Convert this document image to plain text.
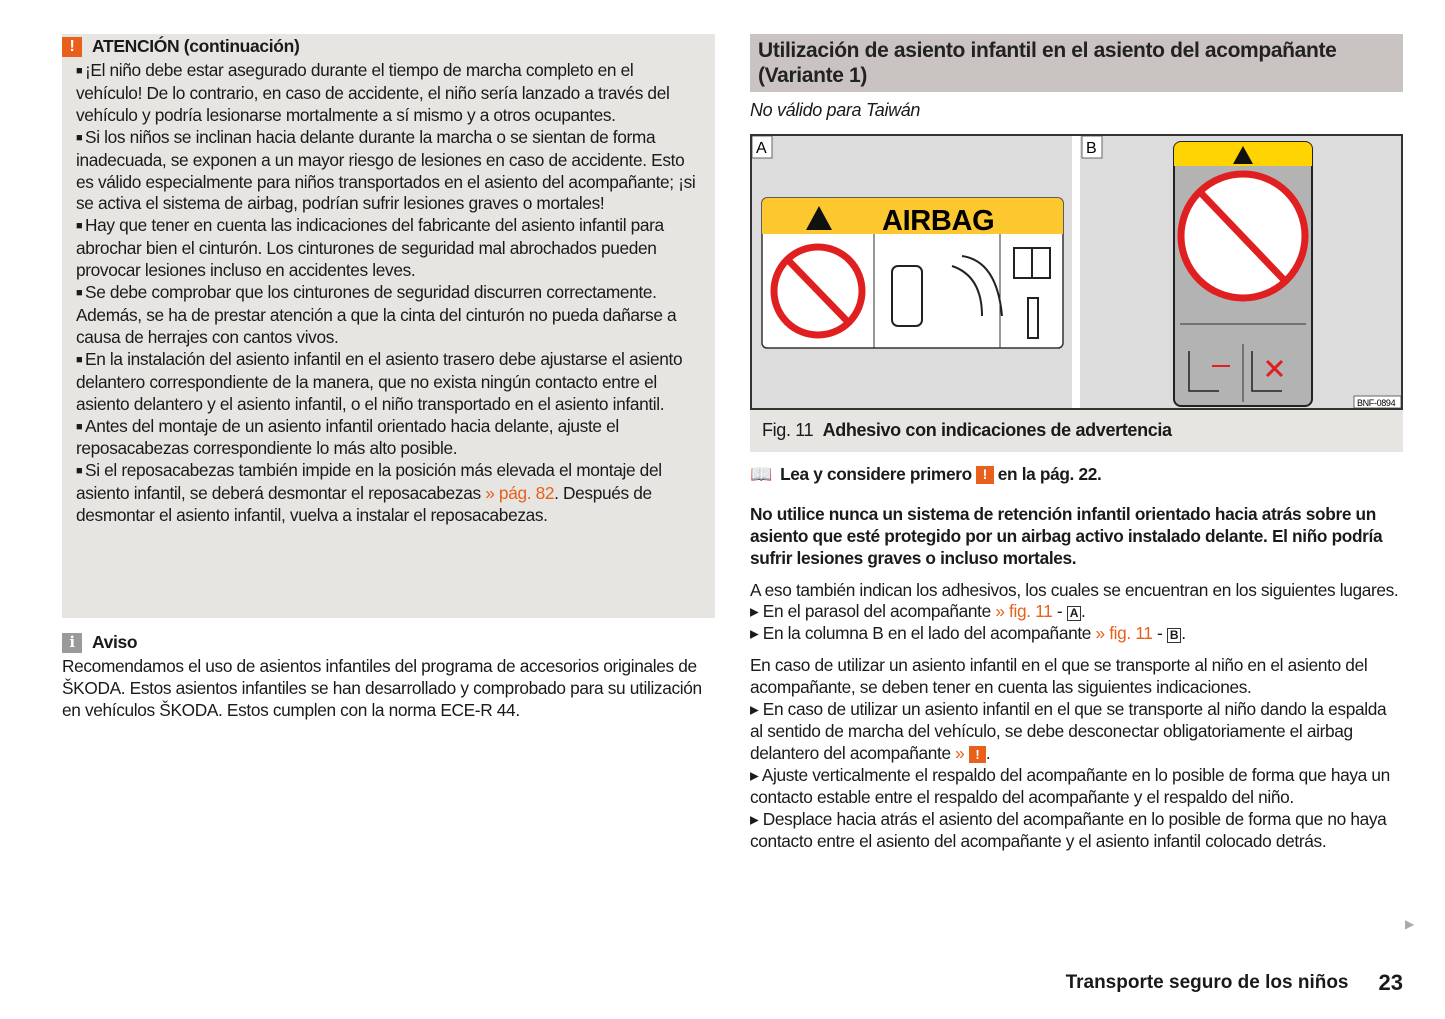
!	ATENCIÓN (continuación)
■ ¡El niño debe estar asegurado durante el tiempo de marcha completo en el vehículo! De lo contrario, en caso de accidente, el niño sería lanzado a través del vehículo y podría lesionarse mortalmente a sí mismo y a otros ocupantes.
■ Si los niños se inclinan hacia delante durante la marcha o se sientan de forma inadecuada, se exponen a un mayor riesgo de lesiones en caso de accidente. Esto es válido especialmente para niños transportados en el asiento del acompañante; ¡si se activa el sistema de airbag, podrían sufrir lesiones graves o mortales!
■ Hay que tener en cuenta las indicaciones del fabricante del asiento infantil para abrochar bien el cinturón. Los cinturones de seguridad mal abrochados pueden provocar lesiones incluso en accidentes leves.
■ Se debe comprobar que los cinturones de seguridad discurren correctamente. Además, se ha de prestar atención a que la cinta del cinturón no pueda dañarse a causa de herrajes con cantos vivos.
■ En la instalación del asiento infantil en el asiento trasero debe ajustarse el asiento delantero correspondiente de la manera, que no exista ningún contacto entre el asiento delantero y el asiento infantil, o el niño transportado en el asiento infantil.
■ Antes del montaje de un asiento infantil orientado hacia delante, ajuste el reposacabezas correspondiente lo más alto posible.
■ Si el reposacabezas también impide en la posición más elevada el montaje del asiento infantil, se deberá desmontar el reposacabezas » pág. 82. Después de desmontar el asiento infantil, vuelva a instalar el reposacabezas.
i Aviso
Recomendamos el uso de asientos infantiles del programa de accesorios originales de ŠKODA. Estos asientos infantiles se han desarrollado y comprobado para su utilización en vehículos ŠKODA. Estos cumplen con la norma ECE-R 44.
Utilización de asiento infantil en el asiento del acompañante (Variante 1)
No válido para Taiwán
A	B
AIRBAG
BNF-0894
Fig. 11 Adhesivo con indicaciones de advertencia
📖 Lea y considere primero ! en la pág. 22.
No utilice nunca un sistema de retención infantil orientado hacia atrás sobre un asiento que esté protegido por un airbag activo instalado delante. El niño podría sufrir lesiones graves o incluso mortales.
A eso también indican los adhesivos, los cuales se encuentran en los siguientes lugares.
▸ En el parasol del acompañante » fig. 11 - A .
▸ En la columna B en el lado del acompañante » fig. 11 - B .
En caso de utilizar un asiento infantil en el que se transporte al niño en el asiento del acompañante, se deben tener en cuenta las siguientes indicaciones.
▸ En caso de utilizar un asiento infantil en el que se transporte al niño dando la espalda al sentido de marcha del vehículo, se debe desconectar obligatoriamente el airbag delantero del acompañante » ! .
▸ Ajuste verticalmente el respaldo del acompañante en lo posible de forma que haya un contacto estable entre el respaldo del acompañante y el respaldo del niño.
▸ Desplace hacia atrás el asiento del acompañante en lo posible de forma que no haya contacto entre el asiento del acompañante y el asiento infantil colocado detrás.
▶
Transporte seguro de los niños 23
